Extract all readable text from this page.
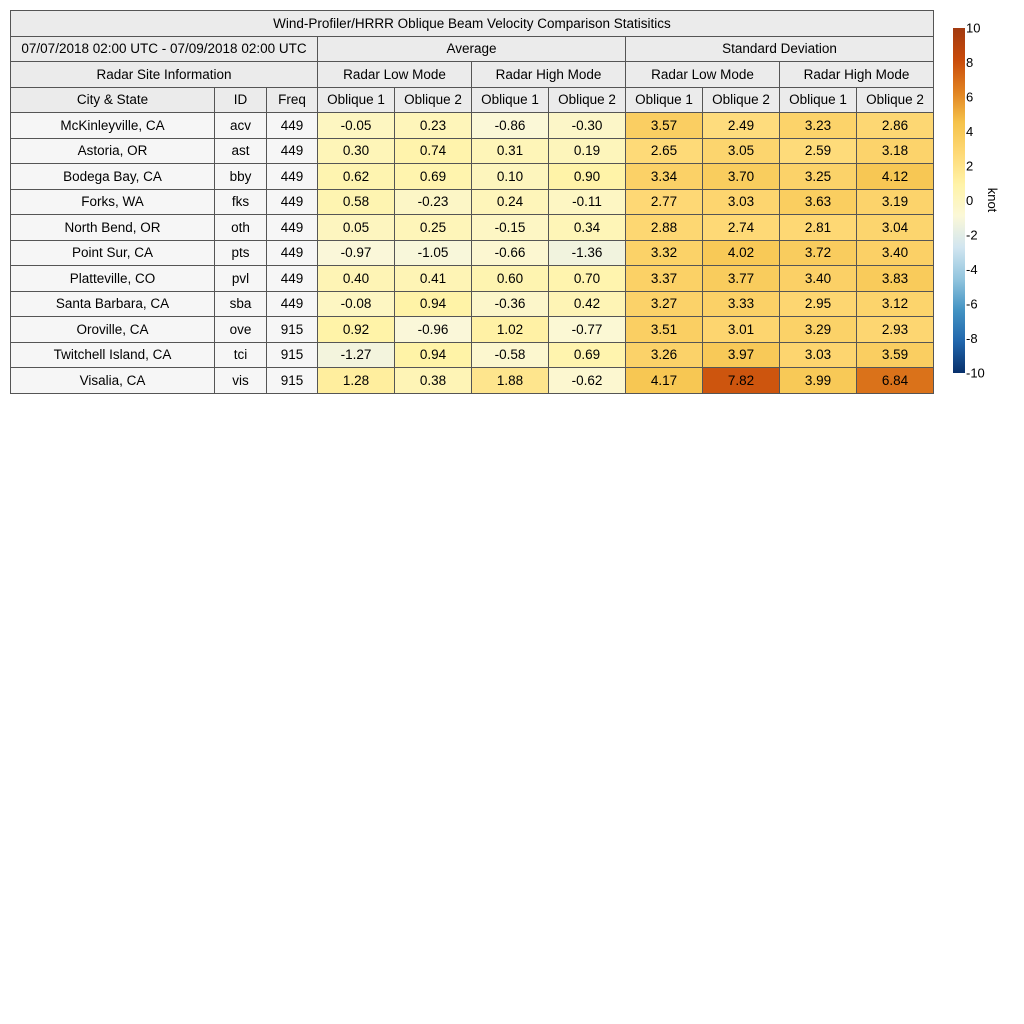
Wind-Profiler/HRRR Oblique Beam Velocity Comparison Statisitics										
07/07/2018 02:00 UTC - 07/09/2018 02:00 UTC			Average				Standard Deviation			
Radar Site Information			Radar Low Mode		Radar High Mode		Radar Low Mode		Radar High Mode	
City & State	ID	Freq	Oblique 1	Oblique 2	Oblique 1	Oblique 2	Oblique 1	Oblique 2	Oblique 1	Oblique 2
McKinleyville, CA	acv	449	-0.05	0.23	-0.86	-0.30	3.57	2.49	3.23	2.86
Astoria, OR	ast	449	0.30	0.74	0.31	0.19	2.65	3.05	2.59	3.18
Bodega Bay, CA	bby	449	0.62	0.69	0.10	0.90	3.34	3.70	3.25	4.12
Forks, WA	fks	449	0.58	-0.23	0.24	-0.11	2.77	3.03	3.63	3.19
North Bend, OR	oth	449	0.05	0.25	-0.15	0.34	2.88	2.74	2.81	3.04
Point Sur, CA	pts	449	-0.97	-1.05	-0.66	-1.36	3.32	4.02	3.72	3.40
Platteville, CO	pvl	449	0.40	0.41	0.60	0.70	3.37	3.77	3.40	3.83
Santa Barbara, CA	sba	449	-0.08	0.94	-0.36	0.42	3.27	3.33	2.95	3.12
Oroville, CA	ove	915	0.92	-0.96	1.02	-0.77	3.51	3.01	3.29	2.93
Twitchell Island, CA	tci	915	-1.27	0.94	-0.58	0.69	3.26	3.97	3.03	3.59
Visalia, CA	vis	915	1.28	0.38	1.88	-0.62	4.17	7.82	3.99	6.84
10
8
6
4
2
0
-2
-4
-6
-8
-10
knot
